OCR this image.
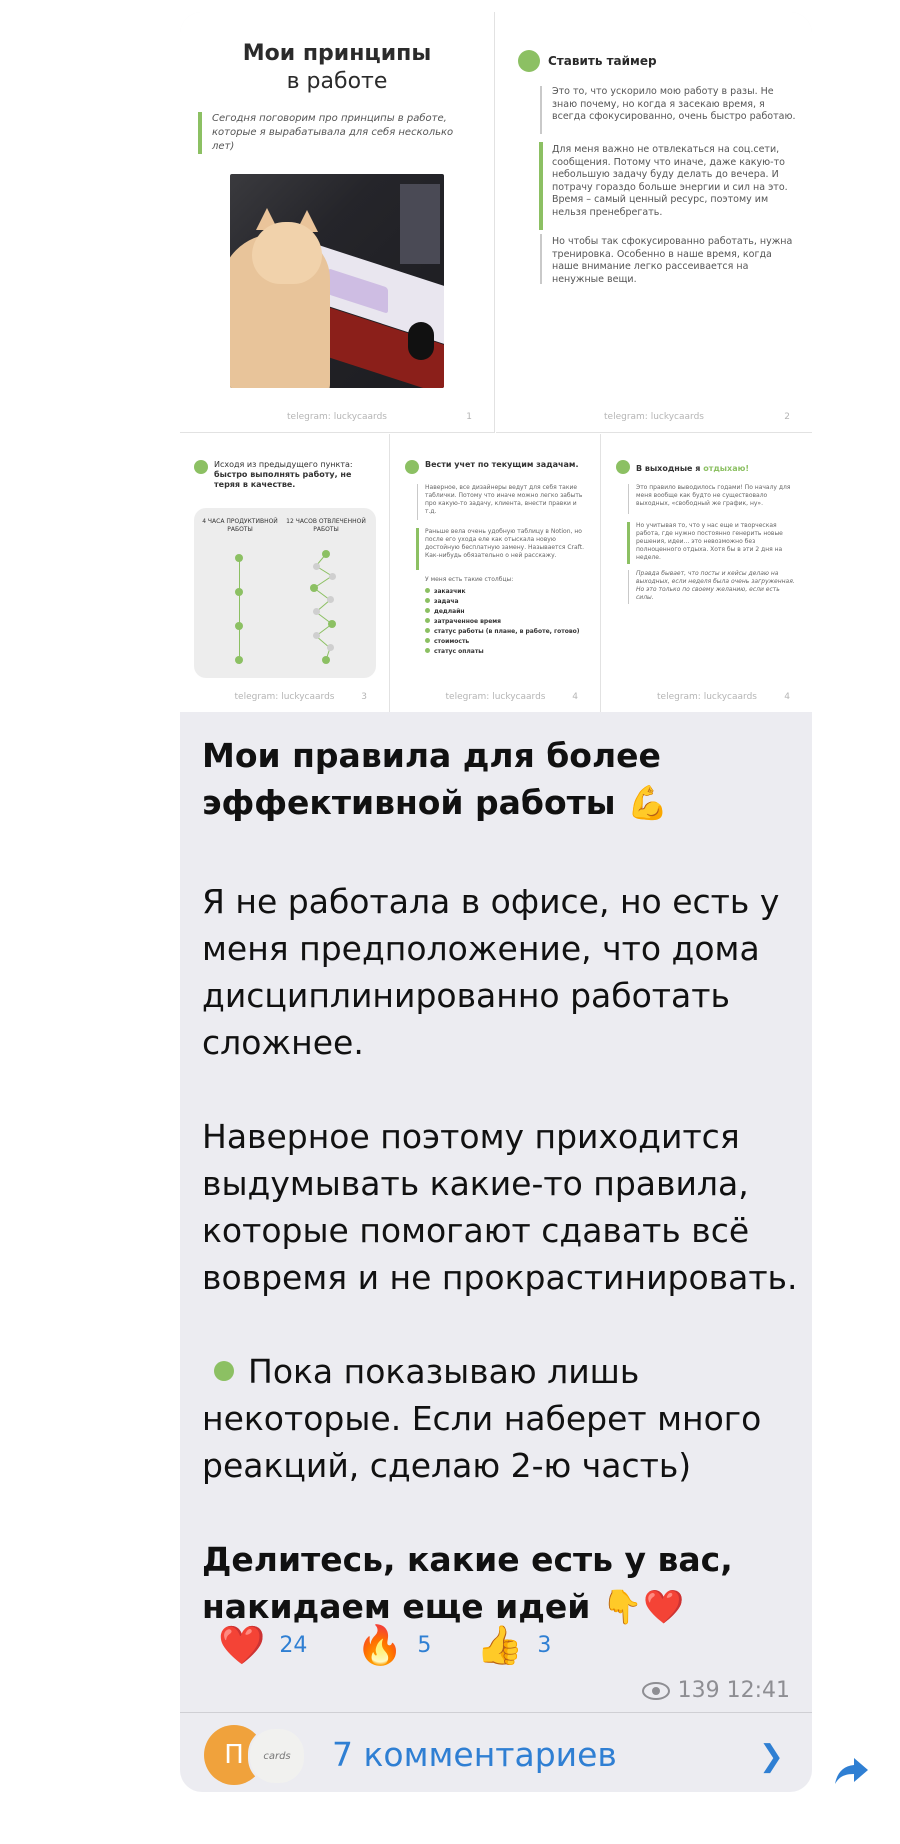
Мои принципы
в работе
Сегодня поговорим про принципы в работе, которые я вырабатывала для себя несколько лет)
telegram: luckycaards	1
Ставить таймер
Это то, что ускорило мою работу в разы. Не знаю почему, но когда я засекаю время, я всегда сфокусированно, очень быстро работаю.
Для меня важно не отвлекаться на соц.сети, сообщения. Потому что иначе, даже какую-то небольшую задачу буду делать до вечера. И потрачу гораздо больше энергии и сил на это. Время – самый ценный ресурс, поэтому им нельзя пренебрегать.
Но чтобы так сфокусированно работать, нужна тренировка. Особенно в наше время, когда наше внимание легко рассеивается на ненужные вещи.
telegram: luckycaards	2
Исходя из предыдущего пункта:
быстро выполнять работу, не теряя в качестве.
4 ЧАСА ПРОДУКТИВНОЙ РАБОТЫ
12 ЧАСОВ ОТВЛЕЧЕННОЙ РАБОТЫ
telegram: luckycaards	3
Вести учет по текущим задачам.
Наверное, все дизайнеры ведут для себя такие таблички. Потому что иначе можно легко забыть про какую-то задачу, клиента, внести правки и т.д.
Раньше вела очень удобную таблицу в Notion, но после его ухода еле как отыскала новую достойную бесплатную замену. Называется Craft. Как-нибудь обязательно о ней расскажу.
У меня есть такие столбцы:
заказчик
задача
дедлайн
затраченное время
статус работы (в плане, в работе, готово)
стоимость
статус оплаты
telegram: luckycaards	4
В выходные я отдыхаю!
Это правило выводилось годами! По началу для меня вообще как будто не существовало выходных, «свободный же график, ну».
Но учитывая то, что у нас еще и творческая работа, где нужно постоянно генерить новые решения, идеи... это невозможно без полноценного отдыха. Хотя бы в эти 2 дня на неделе.
Правда бывает, что посты и кейсы делаю на выходных, если неделя была очень загруженная. Но это только по своему желанию, если есть силы.
telegram: luckycaards	4
Мои правила для более эффективной работы 💪
Я не работала в офисе, но есть у меня предположение, что дома дисциплинированно работать сложнее.
Наверное поэтому приходится выдумывать какие-то правила, которые помогают сдавать всё вовремя и не прокрастинировать.
Пока показываю лишь некоторые. Если наберет много реакций, сделаю 2-ю часть)
Делитесь, какие есть у вас, накидаем еще идей 👇❤️
❤️ 24 🔥 5 👍 3
139
12:41
П	cards	7 комментариев	❯
